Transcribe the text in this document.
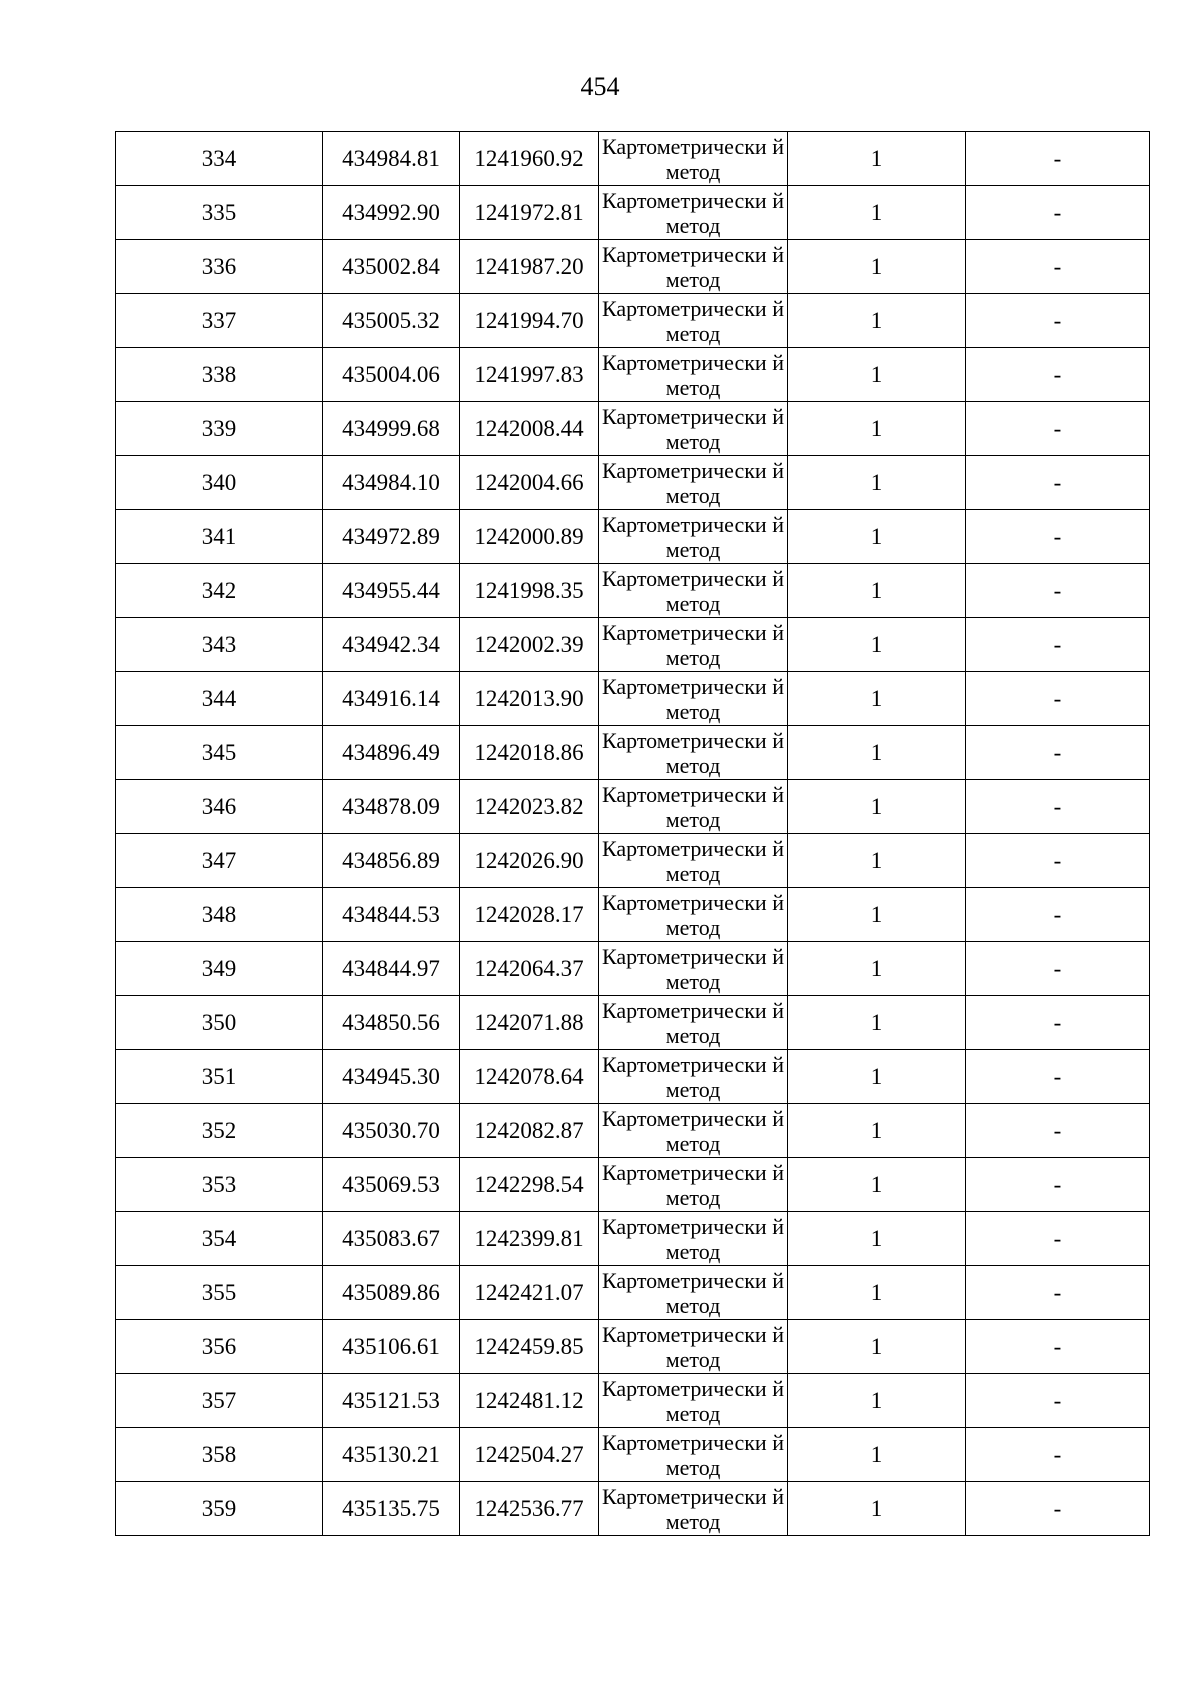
454
334	434984.81	1241960.92	Картометрически й метод	1	-
335	434992.90	1241972.81	Картометрически й метод	1	-
336	435002.84	1241987.20	Картометрически й метод	1	-
337	435005.32	1241994.70	Картометрически й метод	1	-
338	435004.06	1241997.83	Картометрически й метод	1	-
339	434999.68	1242008.44	Картометрически й метод	1	-
340	434984.10	1242004.66	Картометрически й метод	1	-
341	434972.89	1242000.89	Картометрически й метод	1	-
342	434955.44	1241998.35	Картометрически й метод	1	-
343	434942.34	1242002.39	Картометрически й метод	1	-
344	434916.14	1242013.90	Картометрически й метод	1	-
345	434896.49	1242018.86	Картометрически й метод	1	-
346	434878.09	1242023.82	Картометрически й метод	1	-
347	434856.89	1242026.90	Картометрически й метод	1	-
348	434844.53	1242028.17	Картометрически й метод	1	-
349	434844.97	1242064.37	Картометрически й метод	1	-
350	434850.56	1242071.88	Картометрически й метод	1	-
351	434945.30	1242078.64	Картометрически й метод	1	-
352	435030.70	1242082.87	Картометрически й метод	1	-
353	435069.53	1242298.54	Картометрически й метод	1	-
354	435083.67	1242399.81	Картометрически й метод	1	-
355	435089.86	1242421.07	Картометрически й метод	1	-
356	435106.61	1242459.85	Картометрически й метод	1	-
357	435121.53	1242481.12	Картометрически й метод	1	-
358	435130.21	1242504.27	Картометрически й метод	1	-
359	435135.75	1242536.77	Картометрически й метод	1	-
